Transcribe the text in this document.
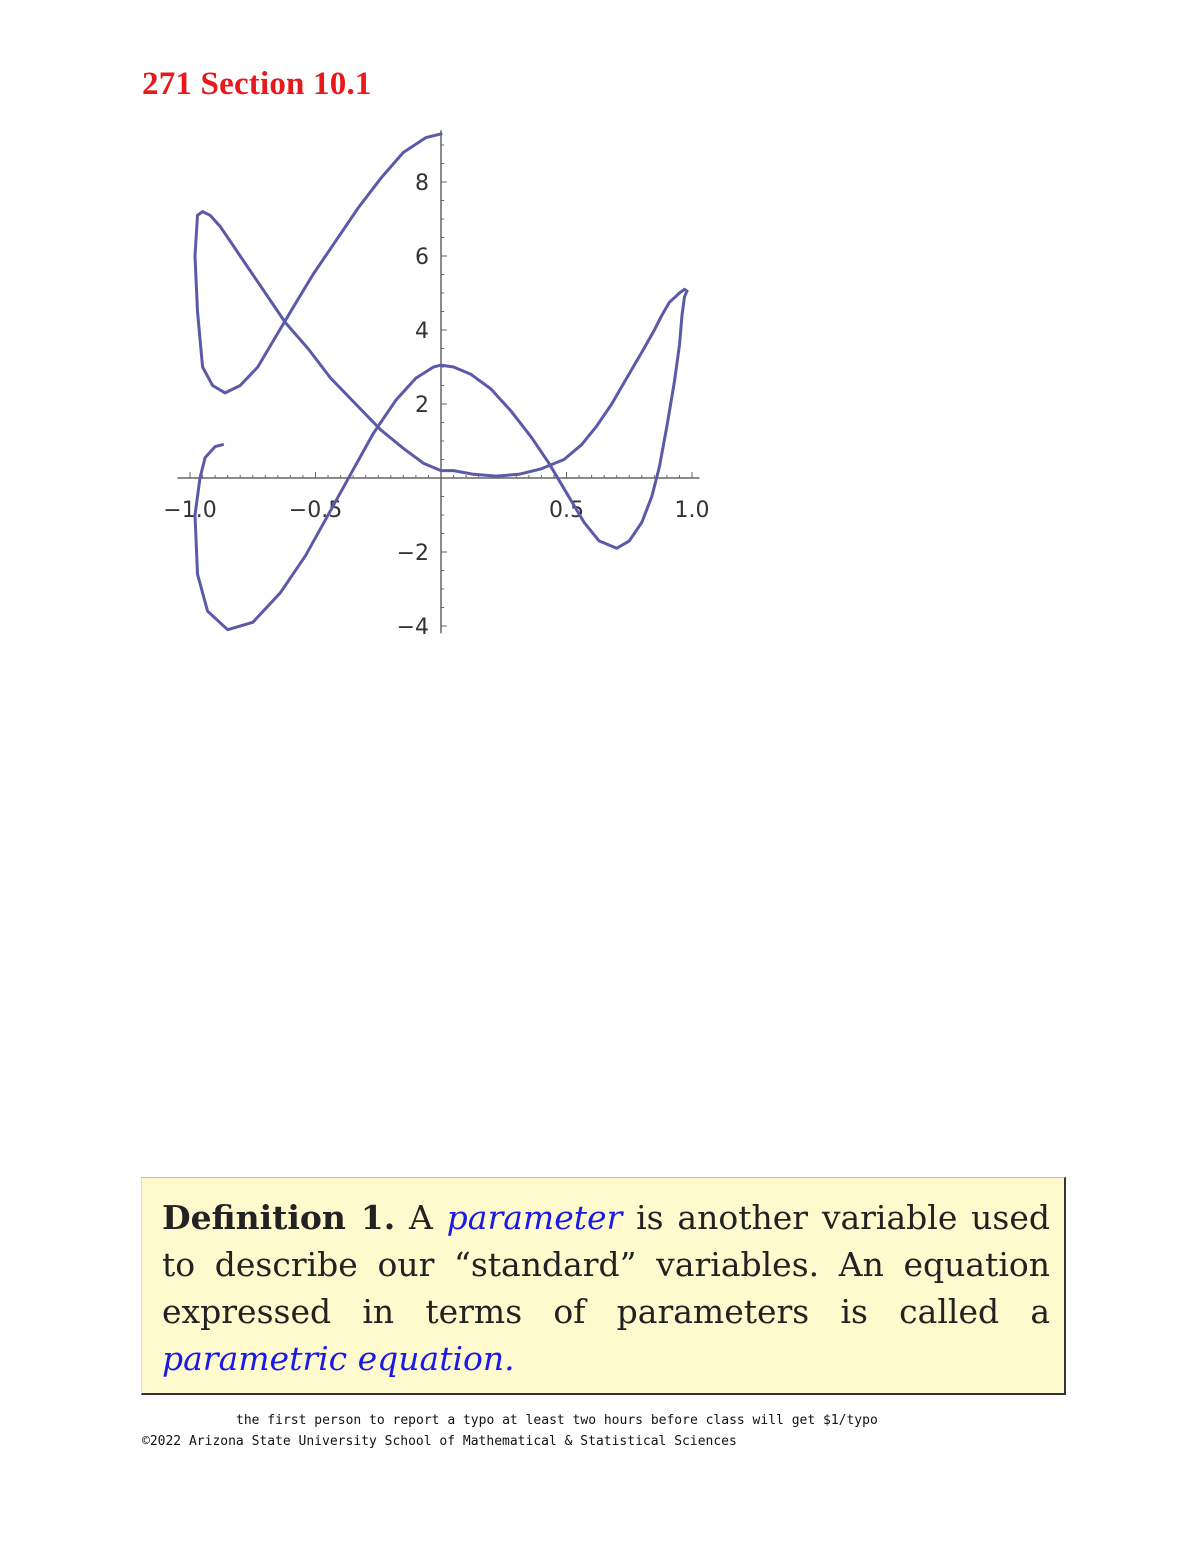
271 Section 10.1
−1.0	−0.5	0.5	1.0
−4
−2
2
4
6
8
Definition 1. A parameter is another variable used to describe our “standard” variables. An equation expressed in terms of parameters is called a parametric equation.
the first person to report a typo at least two hours before class will get $1/typo
©2022 Arizona State University School of Mathematical & Statistical Sciences
